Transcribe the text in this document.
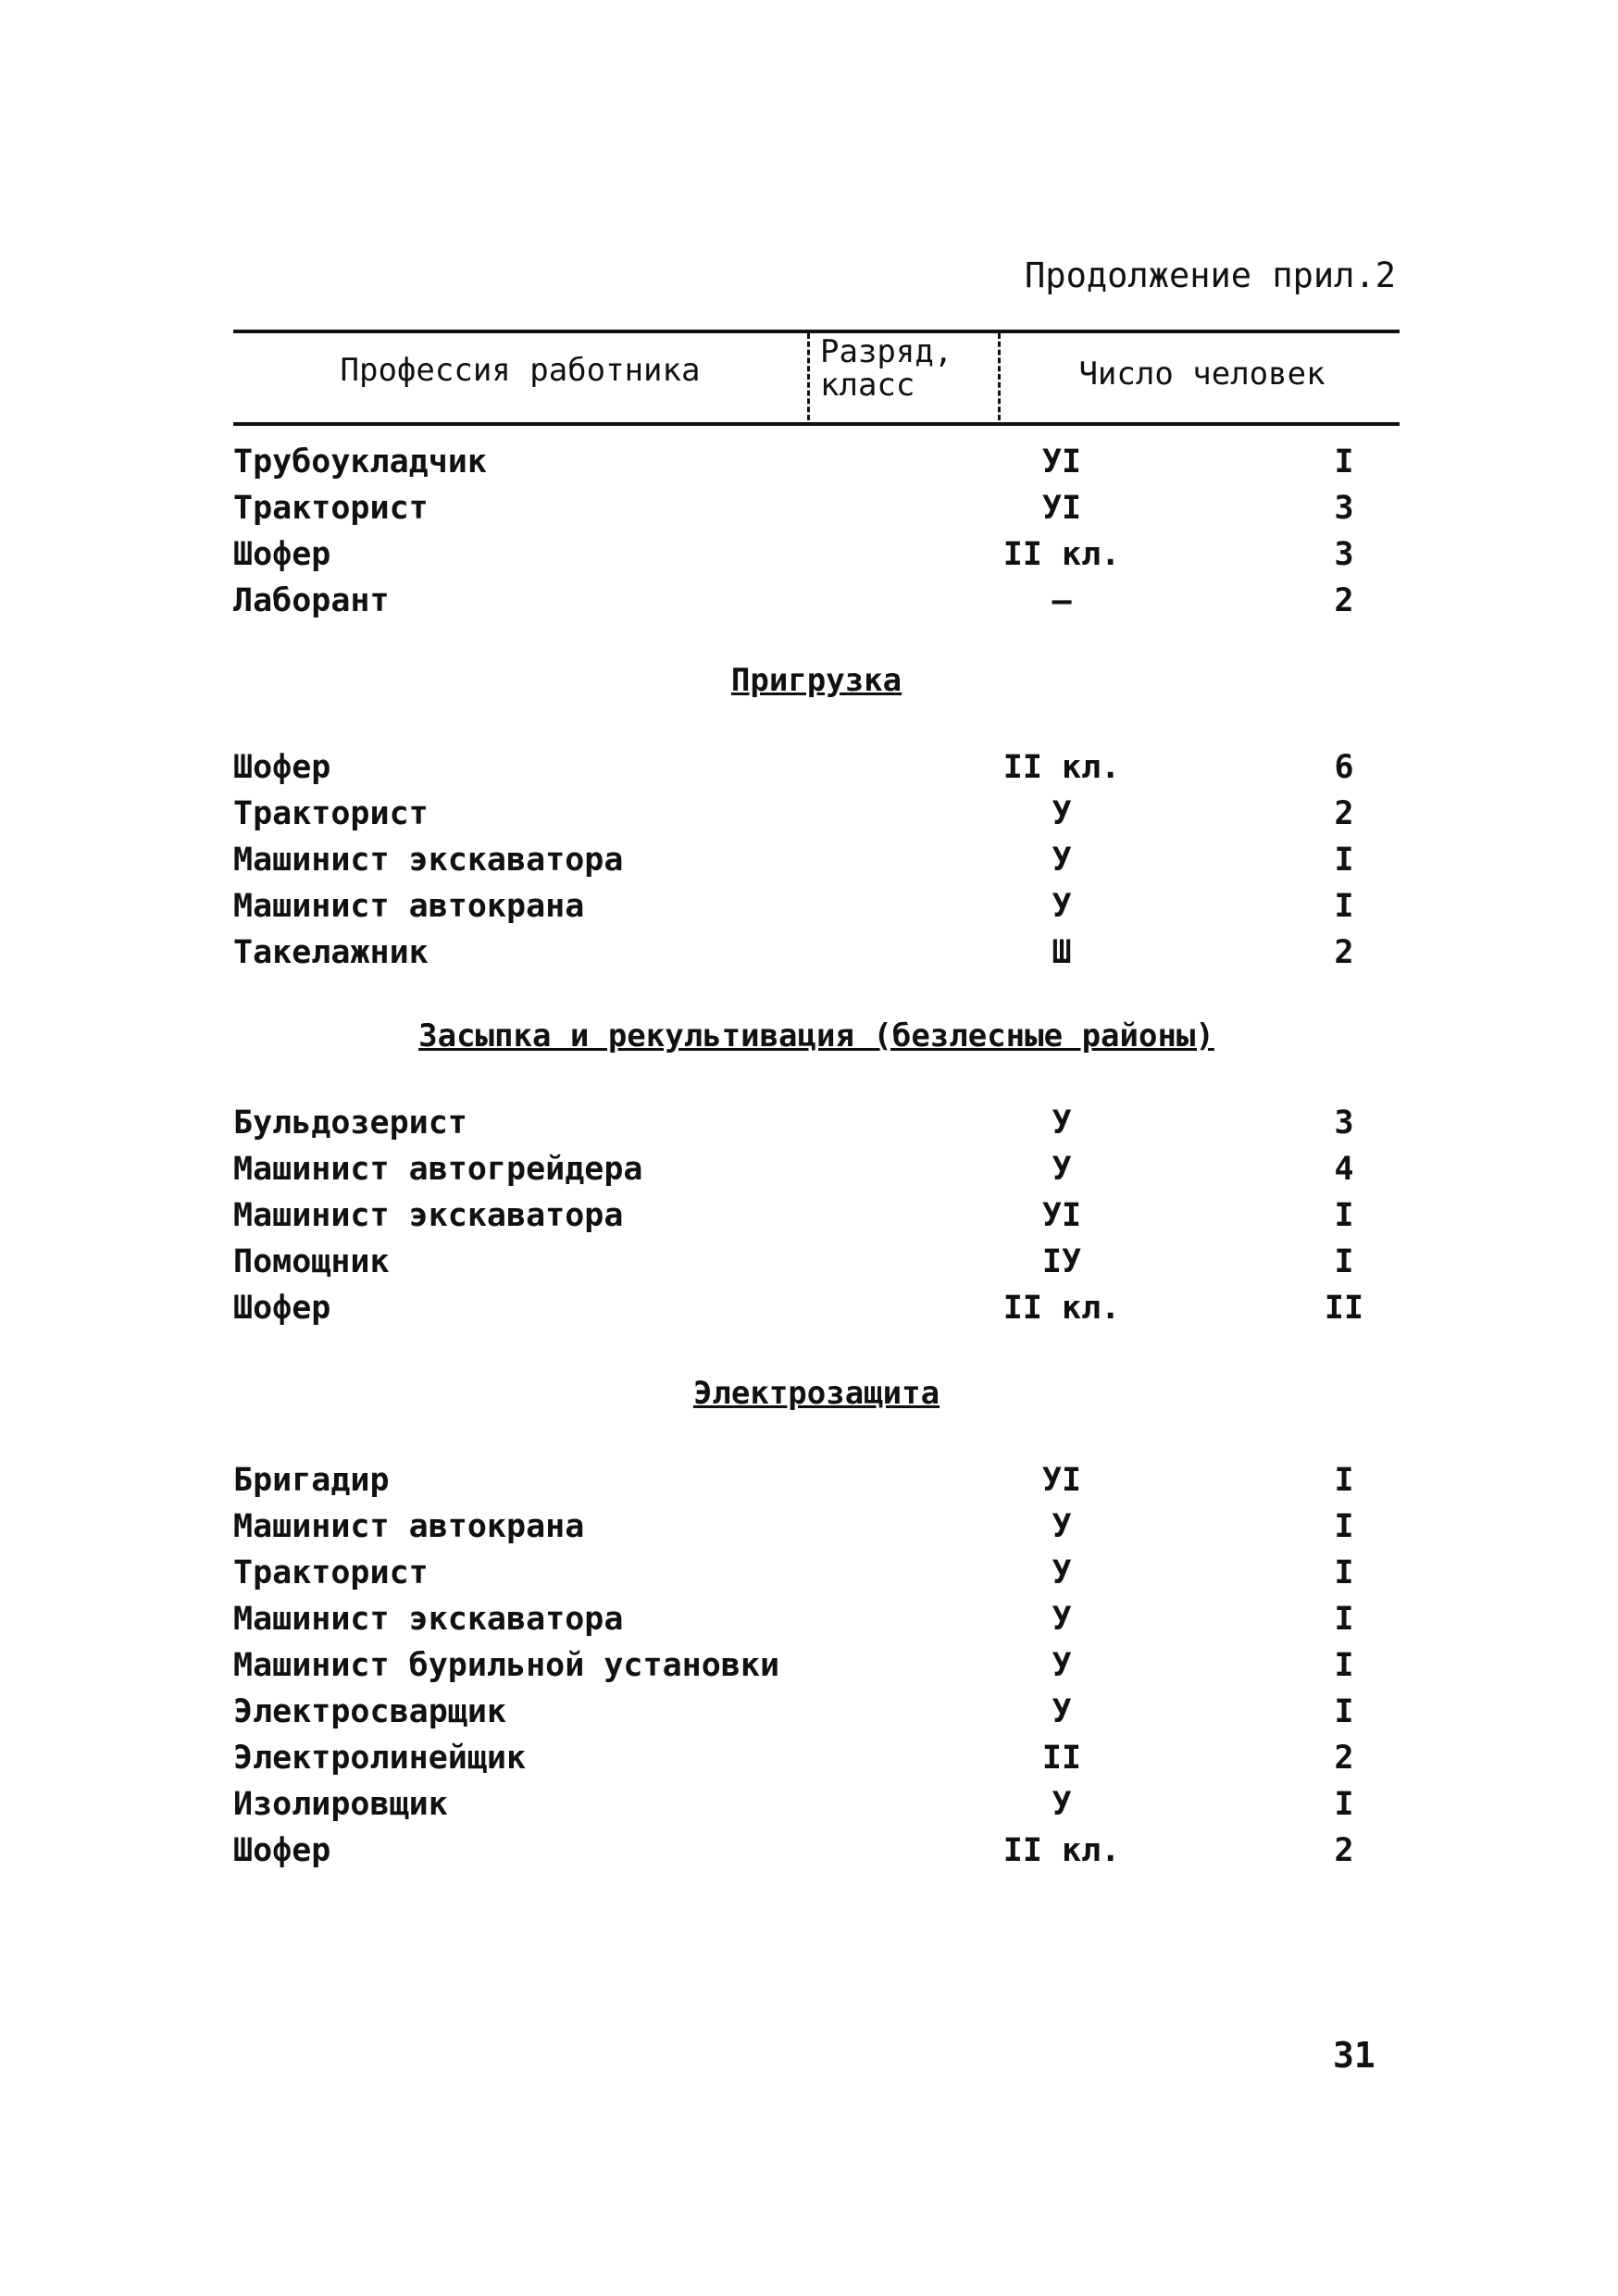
Продолжение прил.2
Профессия работника	Разряд, класс	Число человек
Трубоукладчик	УI	I
Тракторист	УI	3
Шофер	II кл.	3
Лаборант	–	2
Пригрузка
Шофер	II кл.	6
Тракторист	У	2
Машинист экскаватора	У	I
Машинист автокрана	У	I
Такелажник	Ш	2
Засыпка и рекультивация (безлесные районы)
Бульдозерист	У	3
Машинист автогрейдера	У	4
Машинист экскаватора	УI	I
Помощник	IУ	I
Шофер	II кл.	II
Электрозащита
Бригадир	УI	I
Машинист автокрана	У	I
Тракторист	У	I
Машинист экскаватора	У	I
Машинист бурильной установки	У	I
Электросварщик	У	I
Электролинейщик	II	2
Изолировщик	У	I
Шофер	II кл.	2
31
